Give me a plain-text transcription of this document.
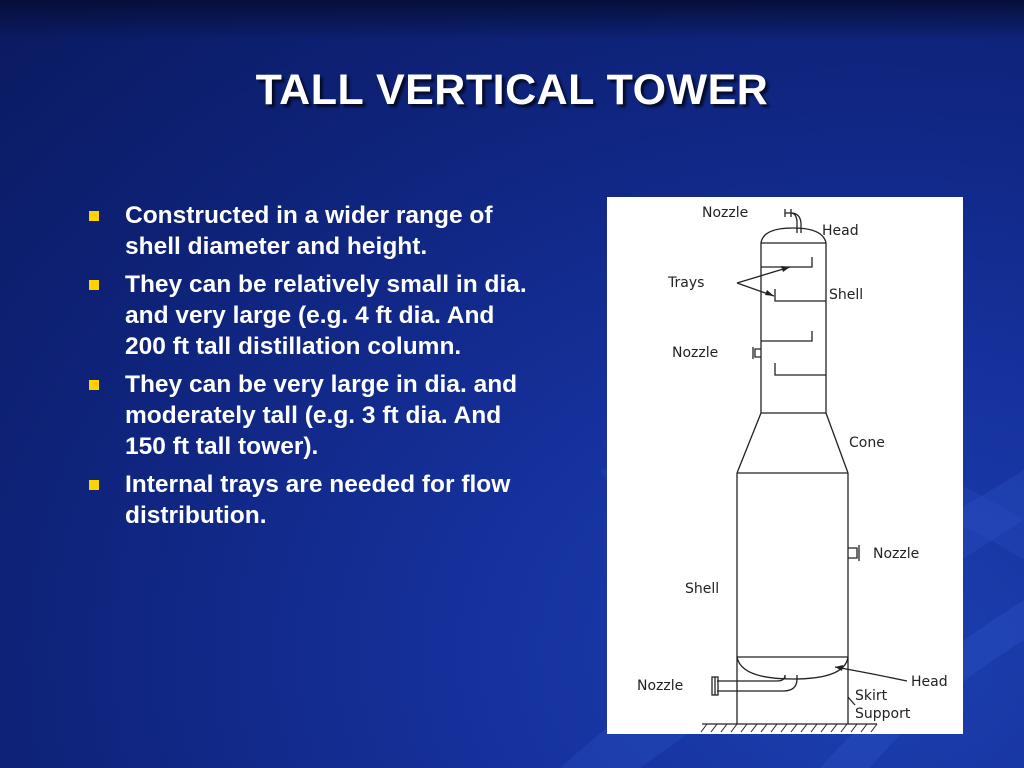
TALL VERTICAL TOWER
Constructed in a wider range of shell diameter and height.
They can be relatively small in dia. and very large (e.g. 4 ft dia. And 200 ft tall distillation column.
They can be very large in dia. and moderately tall (e.g. 3 ft dia. And 150 ft tall tower).
Internal trays are needed for flow distribution.
Nozzle
Head
Trays
Shell
Nozzle
Cone
Nozzle
Shell
Nozzle	Head
Skirt
Support
